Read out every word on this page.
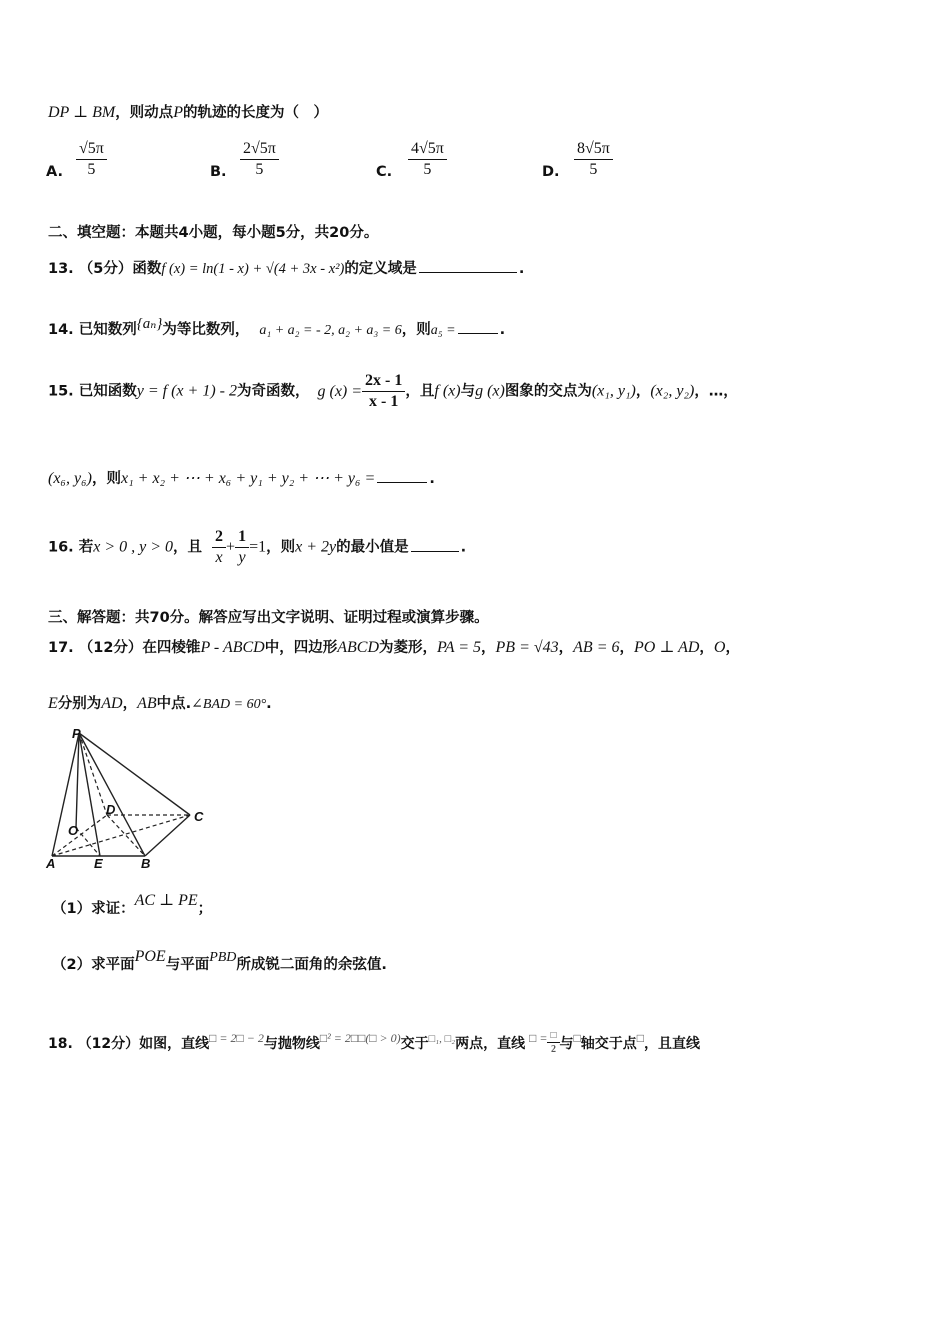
DP ⊥ BM，则动点P的轨迹的长度为（　）
A. $\frac{√5\pi}{5}$	B. $\frac{2√5\pi}{5}$	C. $\frac{4√5\pi}{5}$	D. $\frac{8√5\pi}{5}$
二、填空题：本题共4小题，每小题5分，共20分。
13. （5分）函数f (x) = ln(1 - x) + √(4 + 3x - x²)的定义域是	.
14. 已知数列{aₙ}为等比数列， a₁ + a₂ = - 2, a₂ + a₃ = 6，则a₅ =	.
15. 已知函数y = f (x + 1) - 2为奇函数， g $(x) = \frac{2x - 1}{x - 1}$ ，且f (x)与g (x)图象的交点为(x₁, y₁)，(x₂, y₂)，…，
(x₆, y₆)，则x₁ + x₂ + ⋯ + x₆ + y₁ + y₂ + ⋯ + y₆ =	.
16. 若x > 0 , y > 0，且 $\frac{2}{x} + \frac{1}{y} =1$，则x + 2y的最小值是	.
三、解答题：共70分。解答应写出文字说明、证明过程或演算步骤。
17. （12分）在四棱锥P - ABCD中，四边形ABCD为菱形，PA = 5，PB = √43，AB = 6，PO ⊥ AD，O，
E分别为AD，AB中点.∠BAD = 60°.
P
D	C
O
A	E	B
（1）求证：AC ⊥ PE；
（2）求平面POE与平面PBD所成锐二面角的余弦值.
18. （12分）如图，直线□ = 2□ − 2与抛物线□² = 2□□(□ > 0)交于□₁, □₂两点，直线 □ = $\frac{□}{2}$ 与□轴交于点□，且直线
